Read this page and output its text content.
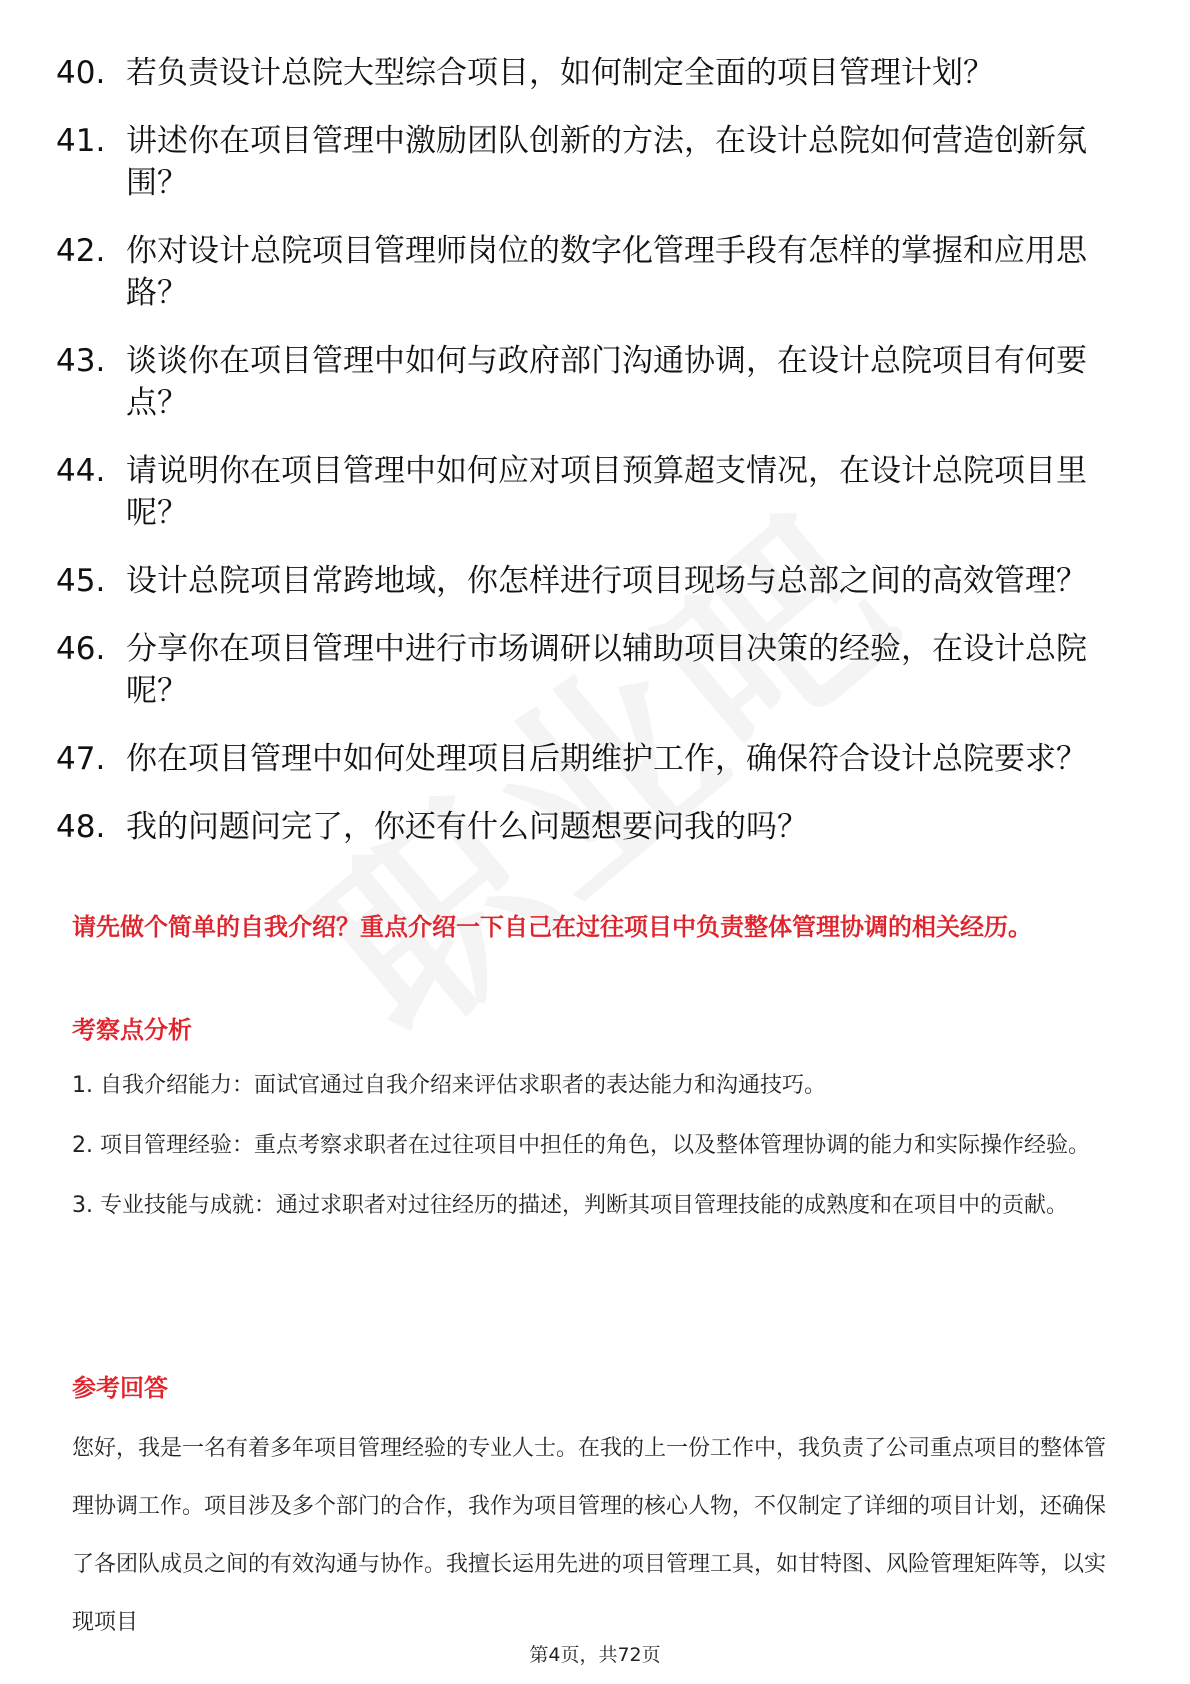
40. 若负责设计总院大型综合项目，如何制定全面的项目管理计划？
41. 讲述你在项目管理中激励团队创新的方法，在设计总院如何营造创新氛围？
42. 你对设计总院项目管理师岗位的数字化管理手段有怎样的掌握和应用思路？
43. 谈谈你在项目管理中如何与政府部门沟通协调，在设计总院项目有何要点？
44. 请说明你在项目管理中如何应对项目预算超支情况，在设计总院项目里呢？
45. 设计总院项目常跨地域，你怎样进行项目现场与总部之间的高效管理？
46. 分享你在项目管理中进行市场调研以辅助项目决策的经验，在设计总院呢？
47. 你在项目管理中如何处理项目后期维护工作，确保符合设计总院要求？
48. 我的问题问完了，你还有什么问题想要问我的吗？
请先做个简单的自我介绍？重点介绍一下自己在过往项目中负责整体管理协调的相关经历。
考察点分析

1. 自我介绍能力：面试官通过自我介绍来评估求职者的表达能力和沟通技巧。

2. 项目管理经验：重点考察求职者在过往项目中担任的角色，以及整体管理协调的能力和实际操作经验。

3. 专业技能与成就：通过求职者对过往经历的描述，判断其项目管理技能的成熟度和在项目中的贡献。

参考回答

您好，我是一名有着多年项目管理经验的专业人士。在我的上一份工作中，我负责了公司重点项目的整体管理协调工作。项目涉及多个部门的合作，我作为项目管理的核心人物，不仅制定了详细的项目计划，还确保了各团队成员之间的有效沟通与协作。我擅长运用先进的项目管理工具，如甘特图、风险管理矩阵等，以实现项目

第4页，共72页
